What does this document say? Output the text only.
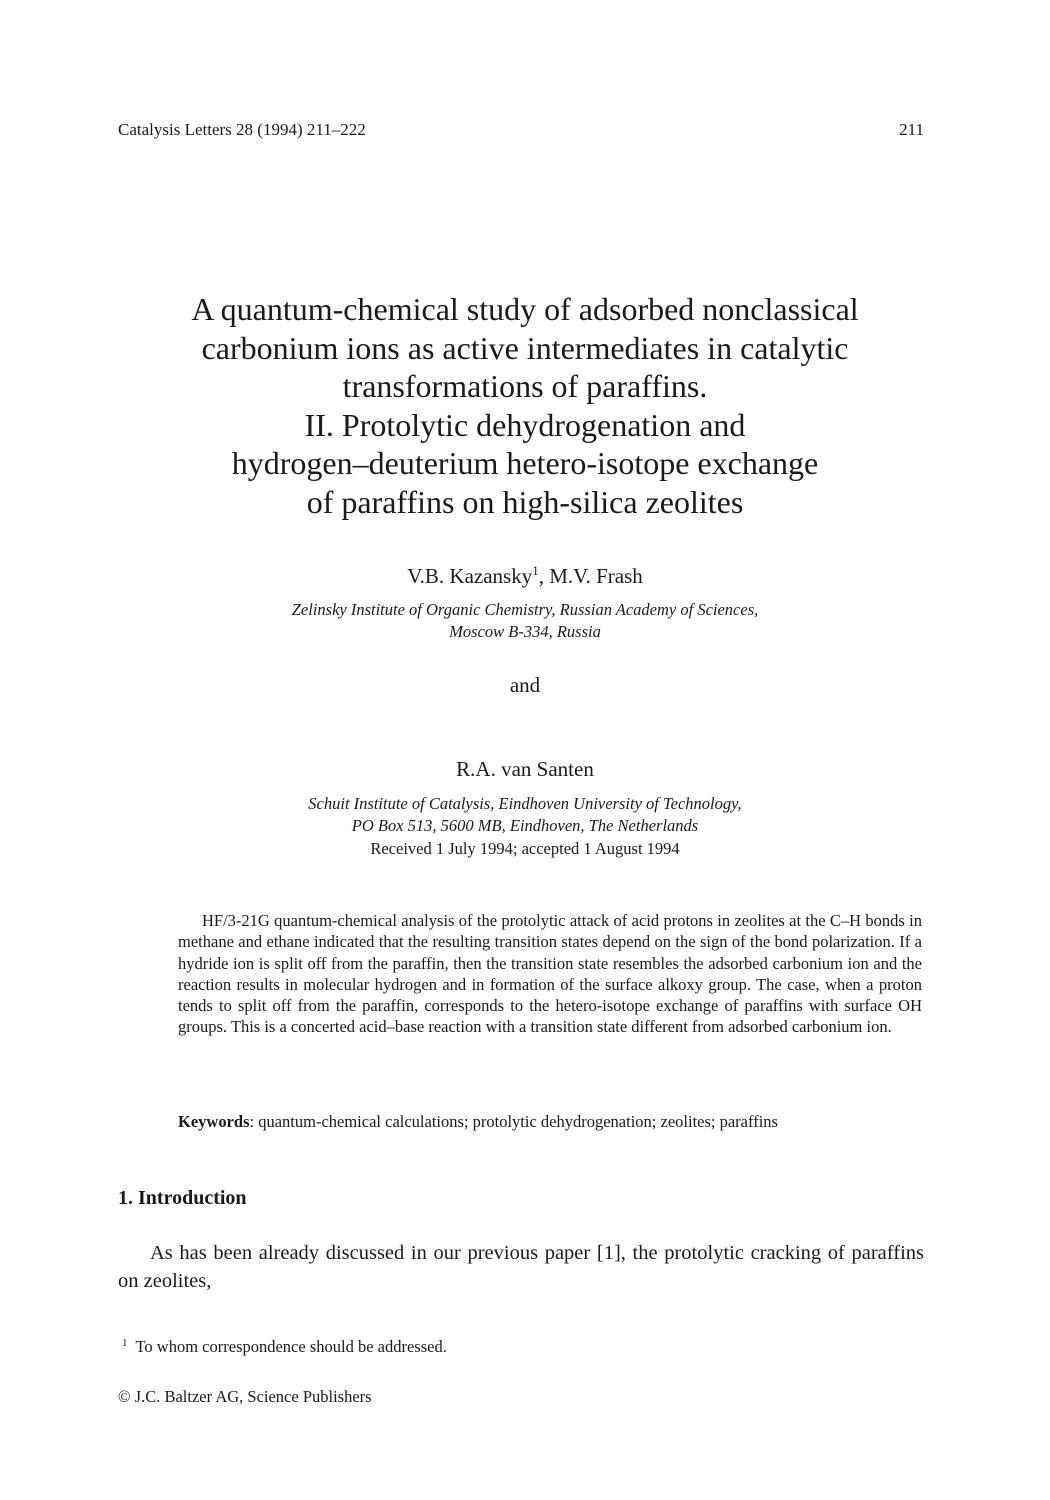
Catalysis Letters 28 (1994) 211–222	211
A quantum-chemical study of adsorbed nonclassical
carbonium ions as active intermediates in catalytic
transformations of paraffins.
II. Protolytic dehydrogenation and
hydrogen–deuterium hetero-isotope exchange
of paraffins on high-silica zeolites
V.B. Kazansky$^1$, M.V. Frash
Zelinsky Institute of Organic Chemistry, Russian Academy of Sciences,
Moscow B-334, Russia
and
R.A. van Santen
Schuit Institute of Catalysis, Eindhoven University of Technology,
PO Box 513, 5600 MB, Eindhoven, The Netherlands
Received 1 July 1994; accepted 1 August 1994

HF/3-21G quantum-chemical analysis of the protolytic attack of acid protons in zeolites at the C–H bonds in methane and ethane indicated that the resulting transition states depend on the sign of the bond polarization. If a hydride ion is split off from the paraffin, then the transition state resembles the adsorbed carbonium ion and the reaction results in molecular hydrogen and in formation of the surface alkoxy group. The case, when a proton tends to split off from the paraffin, corresponds to the hetero-isotope exchange of paraffins with surface OH groups. This is a concerted acid–base reaction with a transition state different from adsorbed carbonium ion.

Keywords: quantum-chemical calculations; protolytic dehydrogenation; zeolites; paraffins
1. Introduction

As has been already discussed in our previous paper [1], the protolytic cracking of paraffins on zeolites,

$^1$ To whom correspondence should be addressed.
© J.C. Baltzer AG, Science Publishers
